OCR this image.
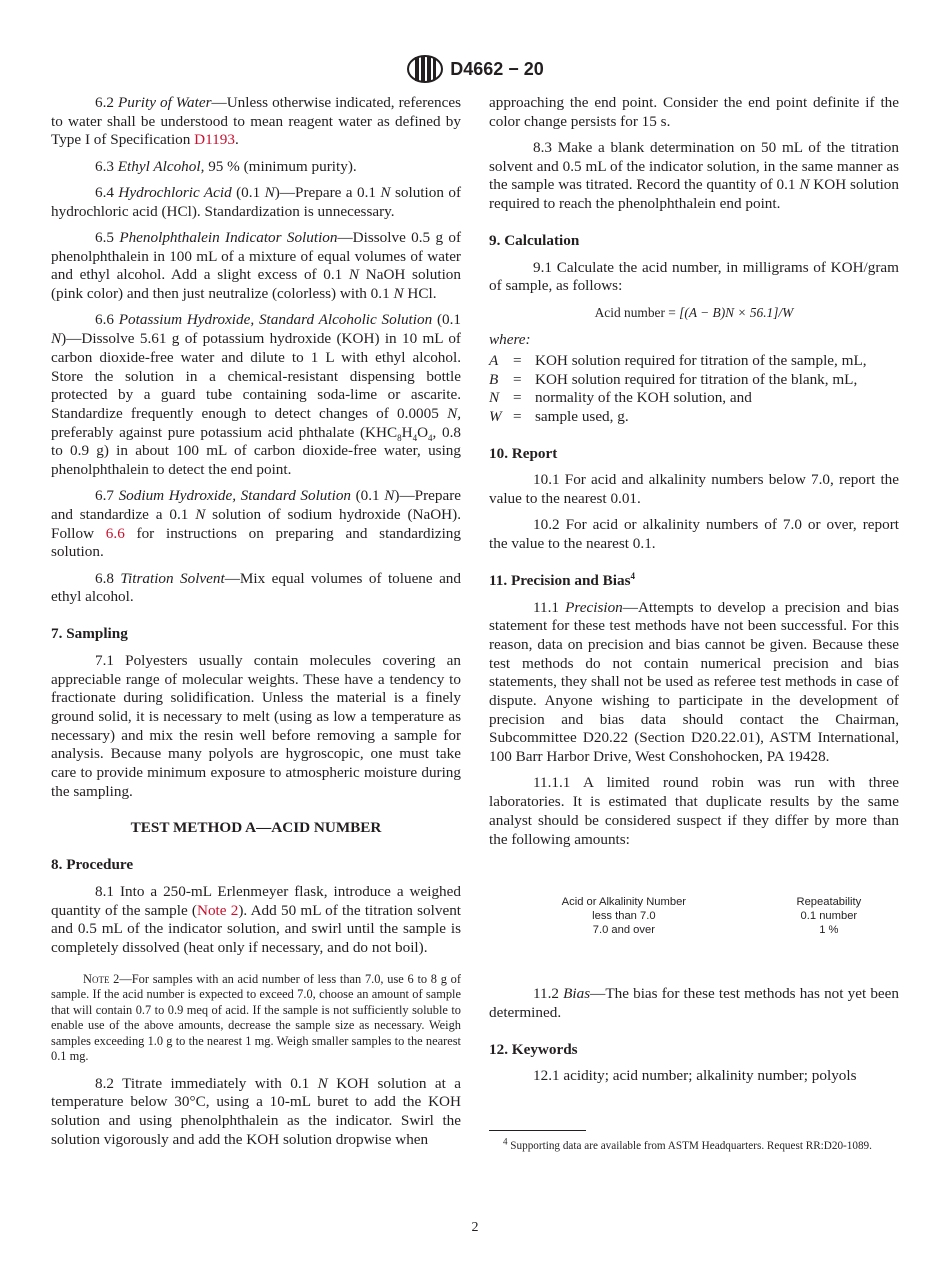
D4662 − 20

6.2 Purity of Water—Unless otherwise indicated, references to water shall be understood to mean reagent water as defined by Type I of Specification D1193.

6.3 Ethyl Alcohol, 95 % (minimum purity).

6.4 Hydrochloric Acid (0.1 N)—Prepare a 0.1 N solution of hydrochloric acid (HCl). Standardization is unnecessary.

6.5 Phenolphthalein Indicator Solution—Dissolve 0.5 g of phenolphthalein in 100 mL of a mixture of equal volumes of water and ethyl alcohol. Add a slight excess of 0.1 N NaOH solution (pink color) and then just neutralize (colorless) with 0.1 N HCl.

6.6 Potassium Hydroxide, Standard Alcoholic Solution (0.1 N)—Dissolve 5.61 g of potassium hydroxide (KOH) in 10 mL of carbon dioxide-free water and dilute to 1 L with ethyl alcohol. Store the solution in a chemical-resistant dispensing bottle protected by a guard tube containing soda-lime or ascarite. Standardize frequently enough to detect changes of 0.0005 N, preferably against pure potassium acid phthalate ($KHC_8H_4O_4$, 0.8 to 0.9 g) in about 100 mL of carbon dioxide-free water, using phenolphthalein to detect the end point.

6.7 Sodium Hydroxide, Standard Solution (0.1 N)—Prepare and standardize a 0.1 N solution of sodium hydroxide (NaOH). Follow 6.6 for instructions on preparing and standardizing solution.

6.8 Titration Solvent—Mix equal volumes of toluene and ethyl alcohol.

7. Sampling

7.1 Polyesters usually contain molecules covering an appreciable range of molecular weights. These have a tendency to fractionate during solidification. Unless the material is a finely ground solid, it is necessary to melt (using as low a temperature as necessary) and mix the resin well before removing a sample for analysis. Because many polyols are hygroscopic, one must take care to provide minimum exposure to atmospheric moisture during the sampling.

TEST METHOD A—ACID NUMBER
8. Procedure

8.1 Into a 250-mL Erlenmeyer flask, introduce a weighed quantity of the sample (Note 2). Add 50 mL of the titration solvent and 0.5 mL of the indicator solution, and swirl until the sample is completely dissolved (heat only if necessary, and do not boil).

Note 2—For samples with an acid number of less than 7.0, use 6 to 8 g of sample. If the acid number is expected to exceed 7.0, choose an amount of sample that will contain 0.7 to 0.9 meq of acid. If the sample is not sufficiently soluble to enable use of the above amounts, decrease the sample size as necessary. Weigh samples exceeding 1.0 g to the nearest 1 mg. Weigh smaller samples to the nearest 0.1 mg.

8.2 Titrate immediately with 0.1 N KOH solution at a temperature below 30°C, using a 10-mL buret to add the KOH solution and using phenolphthalein as the indicator. Swirl the solution vigorously and add the KOH solution dropwise when

approaching the end point. Consider the end point definite if the color change persists for 15 s.

8.3 Make a blank determination on 50 mL of the titration solvent and 0.5 mL of the indicator solution, in the same manner as the sample was titrated. Record the quantity of 0.1 N KOH solution required to reach the phenolphthalein end point.

9. Calculation

9.1 Calculate the acid number, in milligrams of KOH/gram of sample, as follows:

Acid number = [(A − B)N × 56.1]/W
where:
A = KOH solution required for titration of the sample, mL,
B = KOH solution required for titration of the blank, mL,
N = normality of the KOH solution, and
W = sample used, g.
10. Report

10.1 For acid and alkalinity numbers below 7.0, report the value to the nearest 0.01.

10.2 For acid or alkalinity numbers of 7.0 or over, report the value to the nearest 0.1.

11. Precision and Bias$^4$

11.1 Precision—Attempts to develop a precision and bias statement for these test methods have not been successful. For this reason, data on precision and bias cannot be given. Because these test methods do not contain numerical precision and bias statements, they shall not be used as referee test methods in case of dispute. Anyone wishing to participate in the development of precision and bias data should contact the Chairman, Subcommittee D20.22 (Section D20.22.01), ASTM International, 100 Barr Harbor Drive, West Conshohocken, PA 19428.

11.1.1 A limited round robin was run with three laboratories. It is estimated that duplicate results by the same analyst should be considered suspect if they differ by more than the following amounts:

Acid or Alkalinity Number	Repeatability
less than 7.0	0.1 number
7.0 and over	1 %

11.2 Bias—The bias for these test methods has not yet been determined.

12. Keywords

12.1 acidity; acid number; alkalinity number; polyols

$^4$ Supporting data are available from ASTM Headquarters. Request RR:D20-1089.
2
